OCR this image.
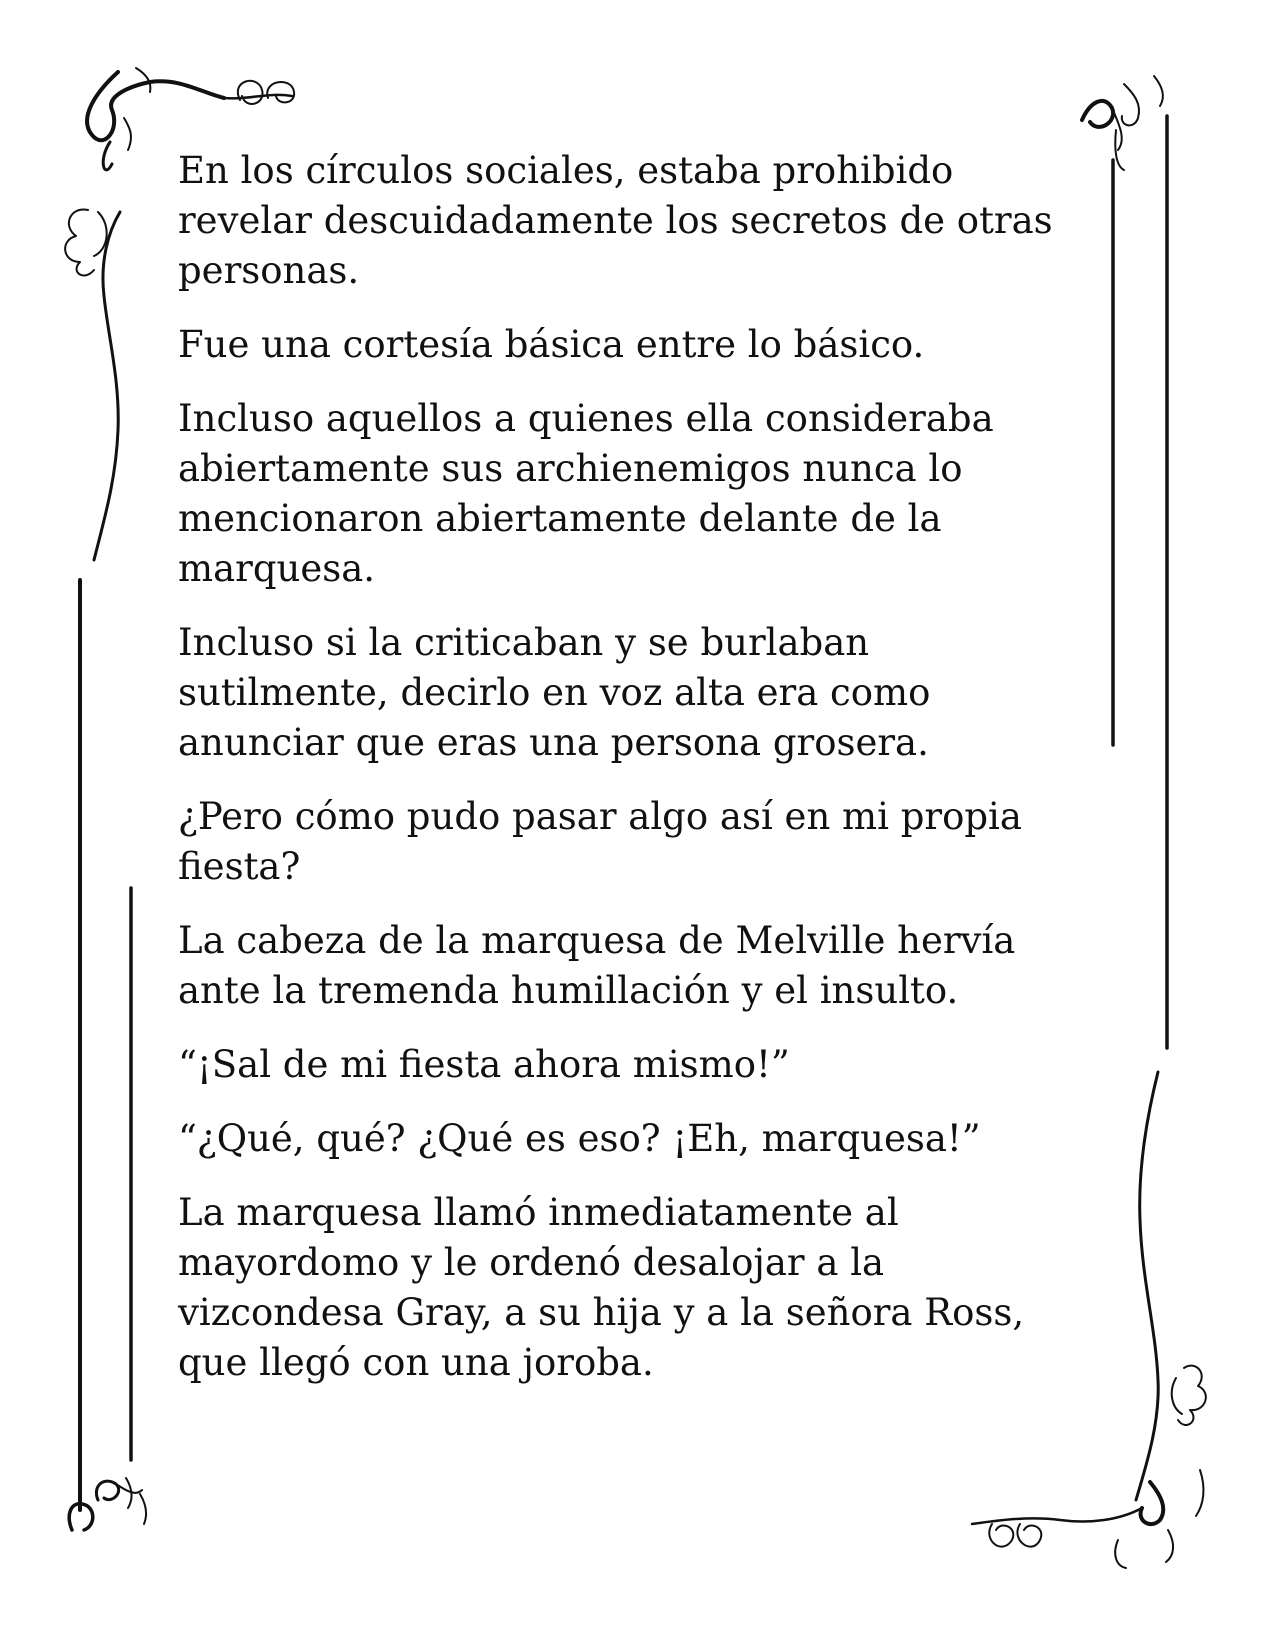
En los círculos sociales, estaba prohibido
revelar descuidadamente los secretos de otras
personas.

Fue una cortesía básica entre lo básico.

Incluso aquellos a quienes ella consideraba
abiertamente sus archienemigos nunca lo
mencionaron abiertamente delante de la
marquesa.

Incluso si la criticaban y se burlaban
sutilmente, decirlo en voz alta era como
anunciar que eras una persona grosera.

¿Pero cómo pudo pasar algo así en mi propia
fiesta?

La cabeza de la marquesa de Melville hervía
ante la tremenda humillación y el insulto.

“¡Sal de mi fiesta ahora mismo!”

“¿Qué, qué? ¿Qué es eso? ¡Eh, marquesa!”

La marquesa llamó inmediatamente al
mayordomo y le ordenó desalojar a la
vizcondesa Gray, a su hija y a la señora Ross,
que llegó con una joroba.
